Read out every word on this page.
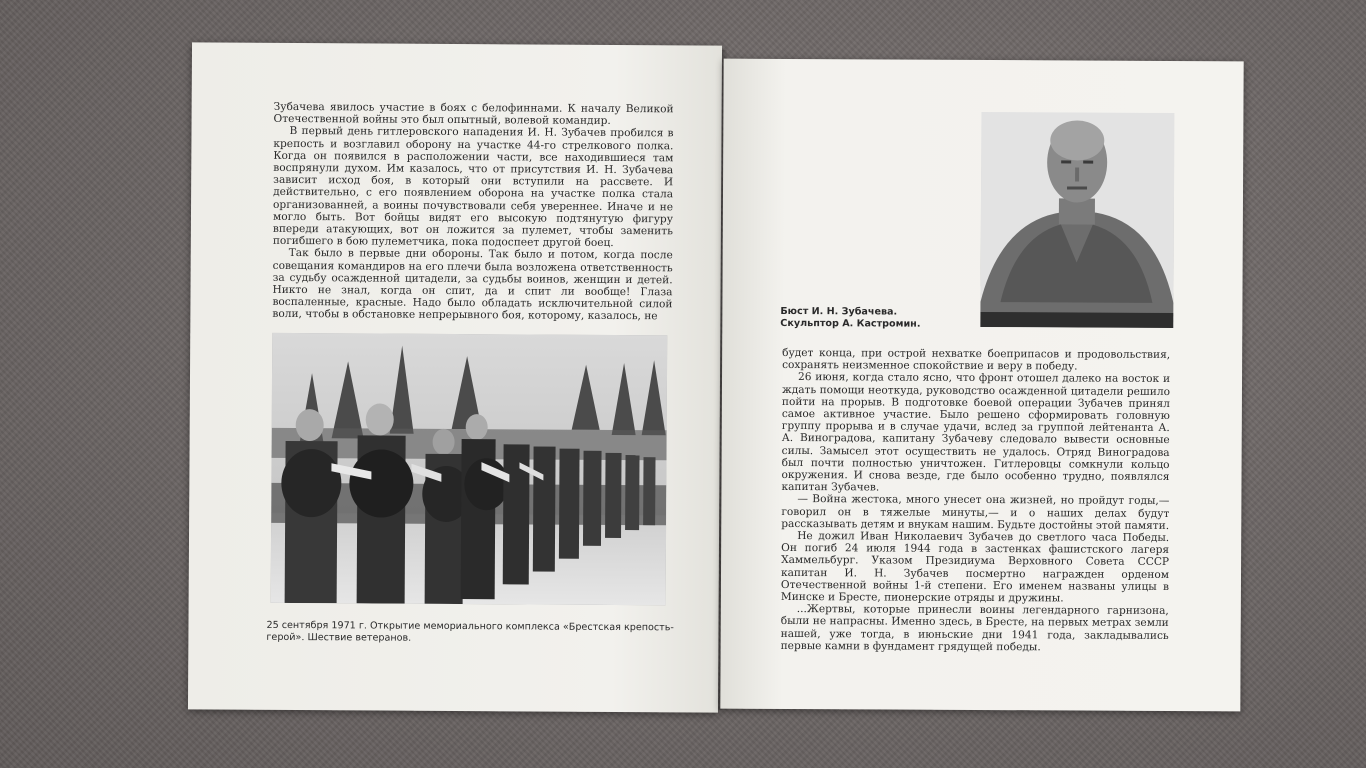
Зубачева явилось участие в боях с белофиннами. К началу Великой Отечественной войны это был опытный, волевой командир.

В первый день гитлеровского нападения И. Н. Зубачев пробился в крепость и возглавил оборону на участке 44-го стрелкового полка. Когда он появился в расположении части, все находившиеся там воспрянули духом. Им казалось, что от присутствия И. Н. Зубачева зависит исход боя, в который они вступили на рассвете. И действительно, с его появлением оборона на участке полка стала организованней, а воины почувствовали себя увереннее. Иначе и не могло быть. Вот бойцы видят его высокую подтянутую фигуру впереди атакующих, вот он ложится за пулемет, чтобы заменить погибшего в бою пулеметчика, пока подоспеет другой боец.

Так было в первые дни обороны. Так было и потом, когда после совещания командиров на его плечи была возложена ответственность за судьбу осажденной цитадели, за судьбы воинов, женщин и детей. Никто не знал, когда он спит, да и спит ли вообще! Глаза воспаленные, красные. Надо было обладать исключительной силой воли, чтобы в обстановке непрерывного боя, которому, казалось, не

25 сентября 1971 г. Открытие мемориального комплекса «Брестская крепость-герой». Шествие ветеранов.
Бюст И. Н. Зубачева.
Скульптор А. Кастромин.

будет конца, при острой нехватке боеприпасов и продовольствия, сохранять неизменное спокойствие и веру в победу.

26 июня, когда стало ясно, что фронт отошел далеко на восток и ждать помощи неоткуда, руководство осажденной цитадели решило пойти на прорыв. В подготовке боевой операции Зубачев принял самое активное участие. Было решено сформировать головную группу прорыва и в случае удачи, вслед за группой лейтенанта А. А. Виноградова, капитану Зубачеву следовало вывести основные силы. Замысел этот осуществить не удалось. Отряд Виноградова был почти полностью уничтожен. Гитлеровцы сомкнули кольцо окружения. И снова везде, где было особенно трудно, появлялся капитан Зубачев.

— Война жестока, много унесет она жизней, но пройдут годы,— говорил он в тяжелые минуты,— и о наших делах будут рассказывать детям и внукам нашим. Будьте достойны этой памяти.

Не дожил Иван Николаевич Зубачев до светлого часа Победы. Он погиб 24 июля 1944 года в застенках фашистского лагеря Хаммельбург. Указом Президиума Верховного Совета СССР капитан И. Н. Зубачев посмертно награжден орденом Отечественной войны 1-й степени. Его именем названы улицы в Минске и Бресте, пионерские отряды и дружины.

...Жертвы, которые принесли воины легендарного гарнизона, были не напрасны. Именно здесь, в Бресте, на первых метрах земли нашей, уже тогда, в июньские дни 1941 года, закладывались первые камни в фундамент грядущей победы.
